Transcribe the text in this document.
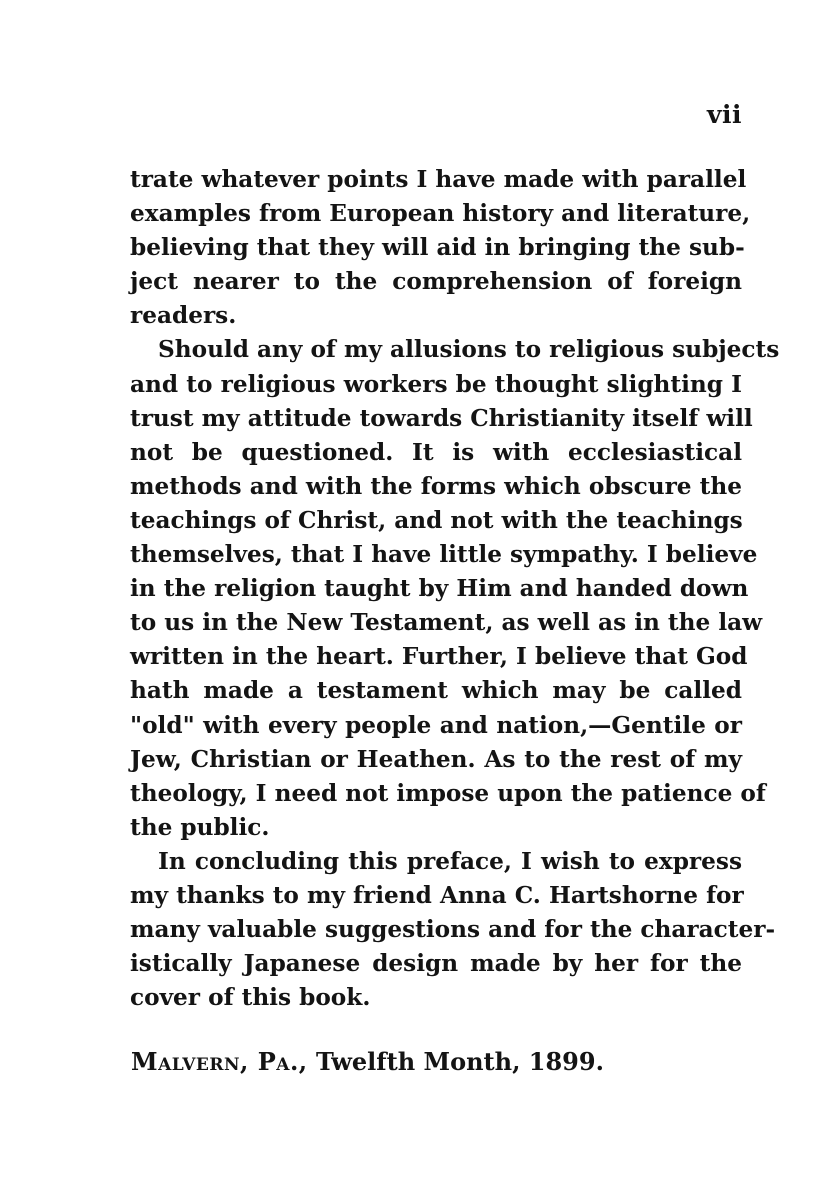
vii
trate whatever points I have made with parallel
examples from European history and literature,
believing that they will aid in bringing the sub-
ject nearer to the comprehension of foreign
readers.
Should any of my allusions to religious subjects
and to religious workers be thought slighting I
trust my attitude towards Christianity itself will
not be questioned. It is with ecclesiastical
methods and with the forms which obscure the
teachings of Christ, and not with the teachings
themselves, that I have little sympathy. I believe
in the religion taught by Him and handed down
to us in the New Testament, as well as in the law
written in the heart. Further, I believe that God
hath made a testament which may be called
"old" with every people and nation,—Gentile or
Jew, Christian or Heathen. As to the rest of my
theology, I need not impose upon the patience of
the public.
In concluding this preface, I wish to express
my thanks to my friend Anna C. Hartshorne for
many valuable suggestions and for the character-
istically Japanese design made by her for the
cover of this book.
Malvern, Pa., Twelfth Month, 1899.
